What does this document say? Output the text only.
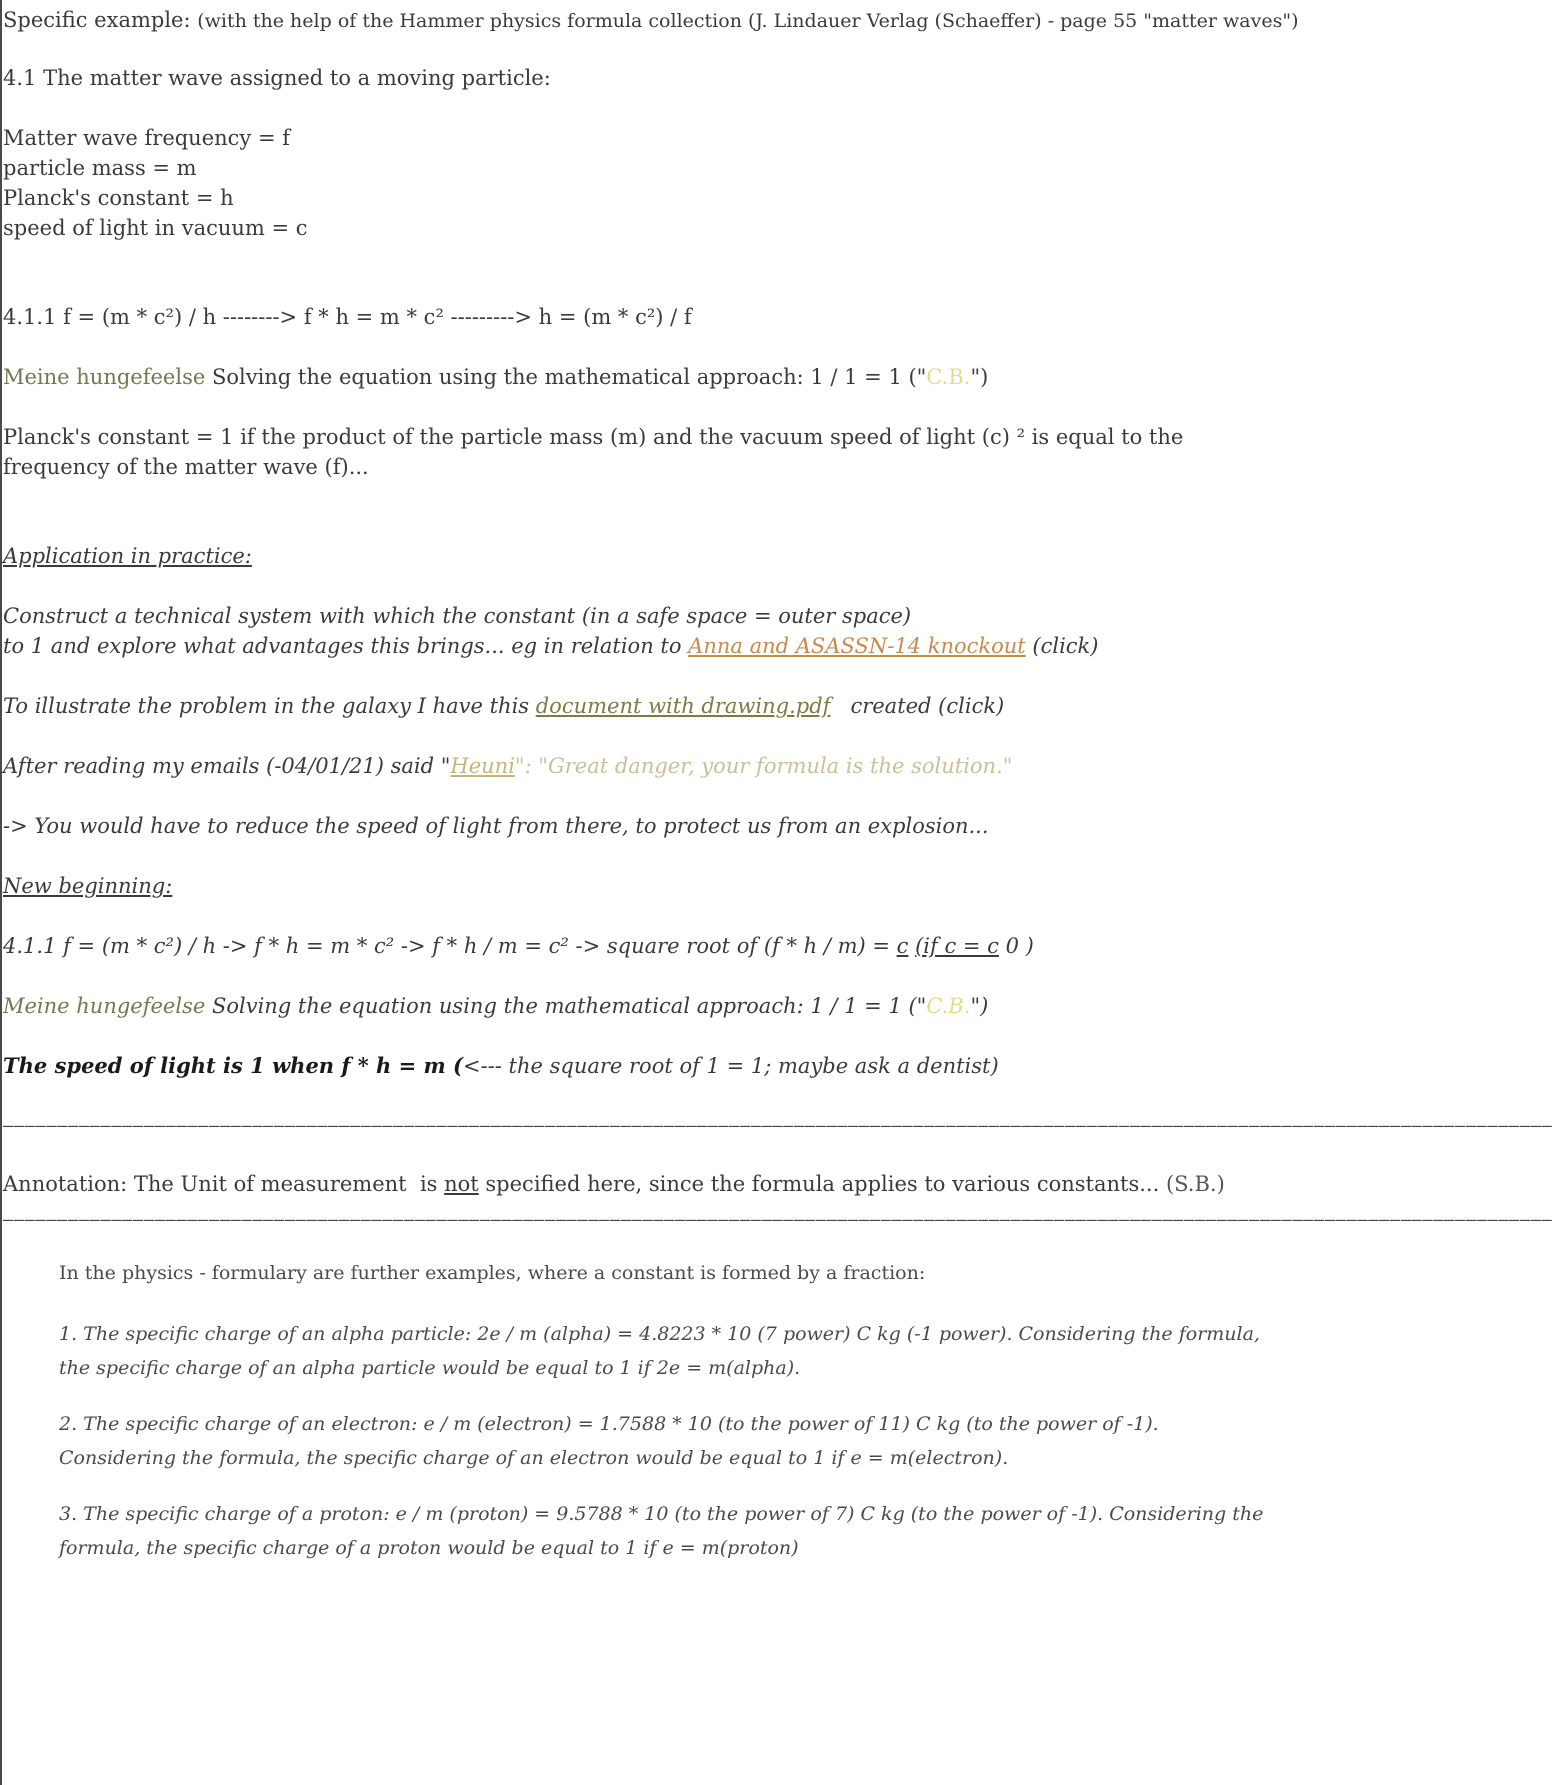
Specific example: (with the help of the Hammer physics formula collection (J. Lindauer Verlag (Schaeffer) - page 55 "matter waves")
4.1 The matter wave assigned to a moving particle:
Matter wave frequency = f
particle mass = m
Planck's constant = h
speed of light in vacuum = c
4.1.1 f = (m * c²) / h --------> f * h = m * c² ---------> h = (m * c²) / f
Meine hungefeelse Solving the equation using the mathematical approach: 1 / 1 = 1 ("C.B.")
Planck's constant = 1 if the product of the particle mass (m) and the vacuum speed of light (c) ² is equal to the
frequency of the matter wave (f)...
Application in practice:
Construct a technical system with which the constant (in a safe space = outer space)
to 1 and explore what advantages this brings... eg in relation to Anna and ASASSN-14 knockout (click)
To illustrate the problem in the galaxy I have this document with drawing.pdf   created (click)
After reading my emails (-04/01/21) said "Heuni": "Great danger, your formula is the solution."
-> You would have to reduce the speed of light from there, to protect us from an explosion...
New beginning:
4.1.1 f = (m * c²) / h -> f * h = m * c² -> f * h / m = c² -> square root of (f * h / m) = c (if c = c 0 )
Meine hungefeelse Solving the equation using the mathematical approach: 1 / 1 = 1 ("C.B.")
The speed of light is 1 when f * h = m (<--- the square root of 1 = 1; maybe ask a dentist)
–––––––––––––––––––––––––––––––––––––––––––––––––––––––––––––––––––––––––––––––––––––––––––––––––––––––––––––––––––––––––––––––––––––––––––––––
Annotation: The Unit of measurement  is not specified here, since the formula applies to various constants... (S.B.)
–––––––––––––––––––––––––––––––––––––––––––––––––––––––––––––––––––––––––––––––––––––––––––––––––––––––––––––––––––––––––––––––––––––––––––––––
In the physics - formulary are further examples, where a constant is formed by a fraction:
1. The specific charge of an alpha particle: 2e / m (alpha) = 4.8223 * 10 (7 power) C kg (-1 power). Considering the formula, the specific charge of an alpha particle would be equal to 1 if 2e = m(alpha).
2. The specific charge of an electron: e / m (electron) = 1.7588 * 10 (to the power of 11) C kg (to the power of -1). Considering the formula, the specific charge of an electron would be equal to 1 if e = m(electron).
3. The specific charge of a proton: e / m (proton) = 9.5788 * 10 (to the power of 7) C kg (to the power of -1). Considering the formula, the specific charge of a proton would be equal to 1 if e = m(proton)
